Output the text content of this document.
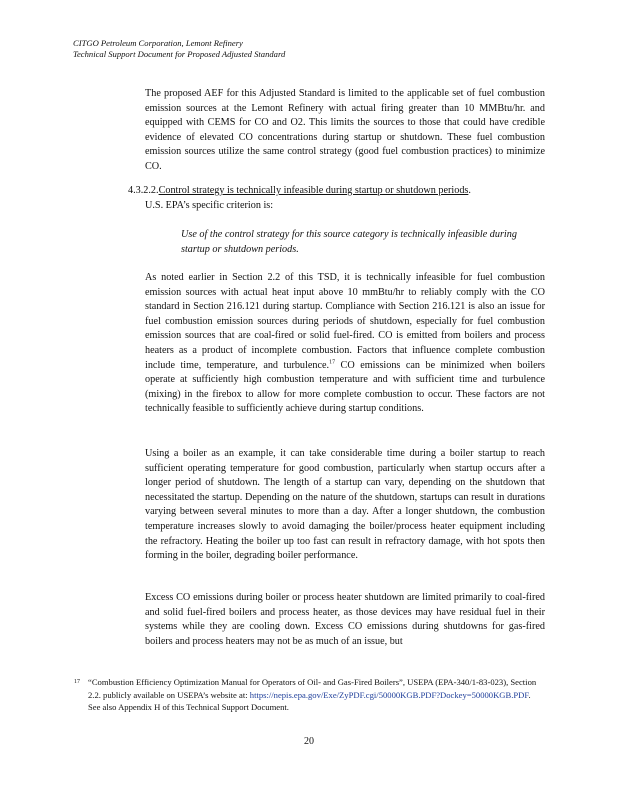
CITGO Petroleum Corporation, Lemont Refinery
Technical Support Document for Proposed Adjusted Standard

The proposed AEF for this Adjusted Standard is limited to the applicable set of fuel combustion emission sources at the Lemont Refinery with actual firing greater than 10 MMBtu/hr. and equipped with CEMS for CO and O2. This limits the sources to those that could have credible evidence of elevated CO concentrations during startup or shutdown. These fuel combustion emission sources utilize the same control strategy (good fuel combustion practices) to minimize CO.

4.3.2.2.Control strategy is technically infeasible during startup or shutdown periods.
U.S. EPA’s specific criterion is:
Use of the control strategy for this source category is technically infeasible during startup or shutdown periods.

As noted earlier in Section 2.2 of this TSD, it is technically infeasible for fuel combustion emission sources with actual heat input above 10 mmBtu/hr to reliably comply with the CO standard in Section 216.121 during startup. Compliance with Section 216.121 is also an issue for fuel combustion emission sources during periods of shutdown, especially for fuel combustion emission sources that are coal-fired or solid fuel-fired. CO is emitted from boilers and process heaters as a product of incomplete combustion. Factors that influence complete combustion include time, temperature, and turbulence.$^{17}$ CO emissions can be minimized when boilers operate at sufficiently high combustion temperature and with sufficient time and turbulence (mixing) in the firebox to allow for more complete combustion to occur. These factors are not technically feasible to sufficiently achieve during startup conditions.

Using a boiler as an example, it can take considerable time during a boiler startup to reach sufficient operating temperature for good combustion, particularly when startup occurs after a longer period of shutdown. The length of a startup can vary, depending on the shutdown that necessitated the startup. Depending on the nature of the shutdown, startups can result in durations varying between several minutes to more than a day. After a longer shutdown, the combustion temperature increases slowly to avoid damaging the boiler/process heater equipment including the refractory. Heating the boiler up too fast can result in refractory damage, with hot spots then forming in the boiler, degrading boiler performance.

Excess CO emissions during boiler or process heater shutdown are limited primarily to coal-fired and solid fuel-fired boilers and process heater, as those devices may have residual fuel in their systems while they are cooling down. Excess CO emissions during shutdowns for gas-fired boilers and process heaters may not be as much of an issue, but

17 “Combustion Efficiency Optimization Manual for Operators of Oil- and Gas-Fired Boilers”, USEPA (EPA-340/1-83-023), Section 2.2. publicly available on USEPA’s website at: https://nepis.epa.gov/Exe/ZyPDF.cgi/50000KGB.PDF?Dockey=50000KGB.PDF. See also Appendix H of this Technical Support Document.
20
